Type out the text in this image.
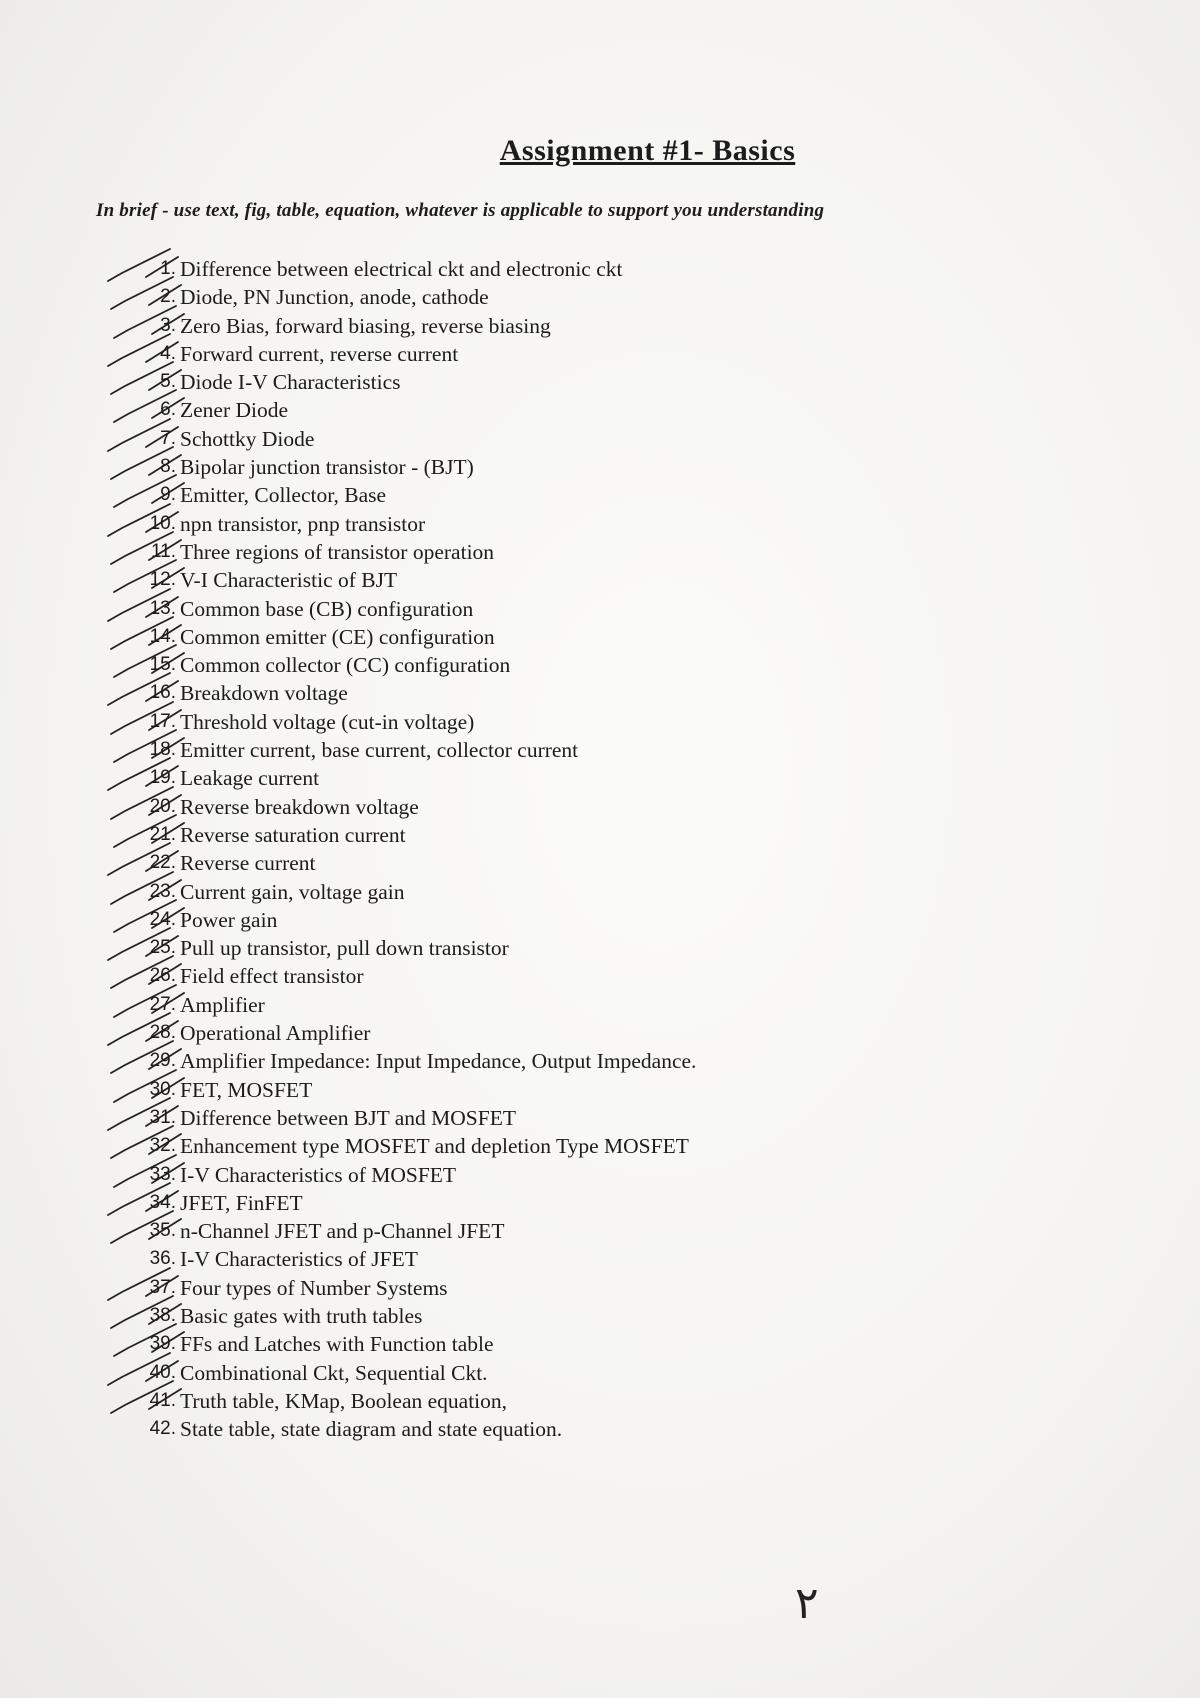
Assignment #1- Basics
In brief - use text, fig, table, equation, whatever is applicable to support you understanding
1. Difference between electrical ckt and electronic ckt
2. Diode, PN Junction, anode, cathode
3. Zero Bias, forward biasing, reverse biasing
4. Forward current, reverse current
5. Diode I-V Characteristics
6. Zener Diode
7. Schottky Diode
8. Bipolar junction transistor - (BJT)
9. Emitter, Collector, Base
10. npn transistor, pnp transistor
11. Three regions of transistor operation
12. V-I Characteristic of BJT
13. Common base (CB) configuration
14. Common emitter (CE) configuration
15. Common collector (CC) configuration
16. Breakdown voltage
17. Threshold voltage (cut-in voltage)
18. Emitter current, base current, collector current
19. Leakage current
20. Reverse breakdown voltage
21. Reverse saturation current
22. Reverse current
23. Current gain, voltage gain
24. Power gain
25. Pull up transistor, pull down transistor
26. Field effect transistor
27. Amplifier
28. Operational Amplifier
29. Amplifier Impedance: Input Impedance, Output Impedance.
30. FET, MOSFET
31. Difference between BJT and MOSFET
32. Enhancement type MOSFET and depletion Type MOSFET
33. I-V Characteristics of MOSFET
34. JFET, FinFET
35. n-Channel JFET and p-Channel JFET
36. I-V Characteristics of JFET
37. Four types of Number Systems
38. Basic gates with truth tables
39. FFs and Latches with Function table
40. Combinational Ckt, Sequential Ckt.
41. Truth table, KMap, Boolean equation,
42. State table, state diagram and state equation.
٢
